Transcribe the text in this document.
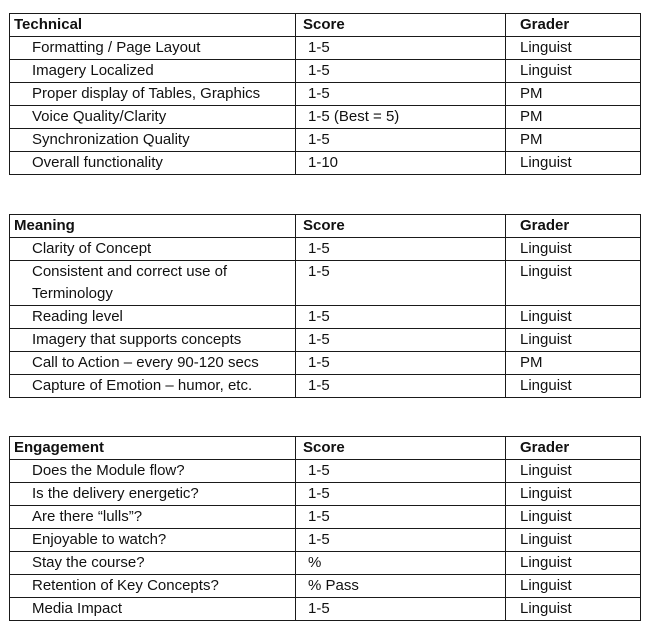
Technical	Score	Grader
Formatting / Page Layout	1-5	Linguist
Imagery Localized	1-5	Linguist
Proper display of Tables, Graphics	1-5	PM
Voice Quality/Clarity	1-5 (Best = 5)	PM
Synchronization Quality	1-5	PM
Overall functionality	1-10	Linguist
Meaning	Score	Grader
Clarity of Concept	1-5	Linguist
Consistent and correct use of Terminology	1-5	Linguist
Reading level	1-5	Linguist
Imagery that supports concepts	1-5	Linguist
Call to Action – every 90-120 secs	1-5	PM
Capture of Emotion – humor, etc.	1-5	Linguist
Engagement	Score	Grader
Does the Module flow?	1-5	Linguist
Is the delivery energetic?	1-5	Linguist
Are there “lulls”?	1-5	Linguist
Enjoyable to watch?	1-5	Linguist
Stay the course?	%	Linguist
Retention of Key Concepts?	% Pass	Linguist
Media Impact	1-5	Linguist
